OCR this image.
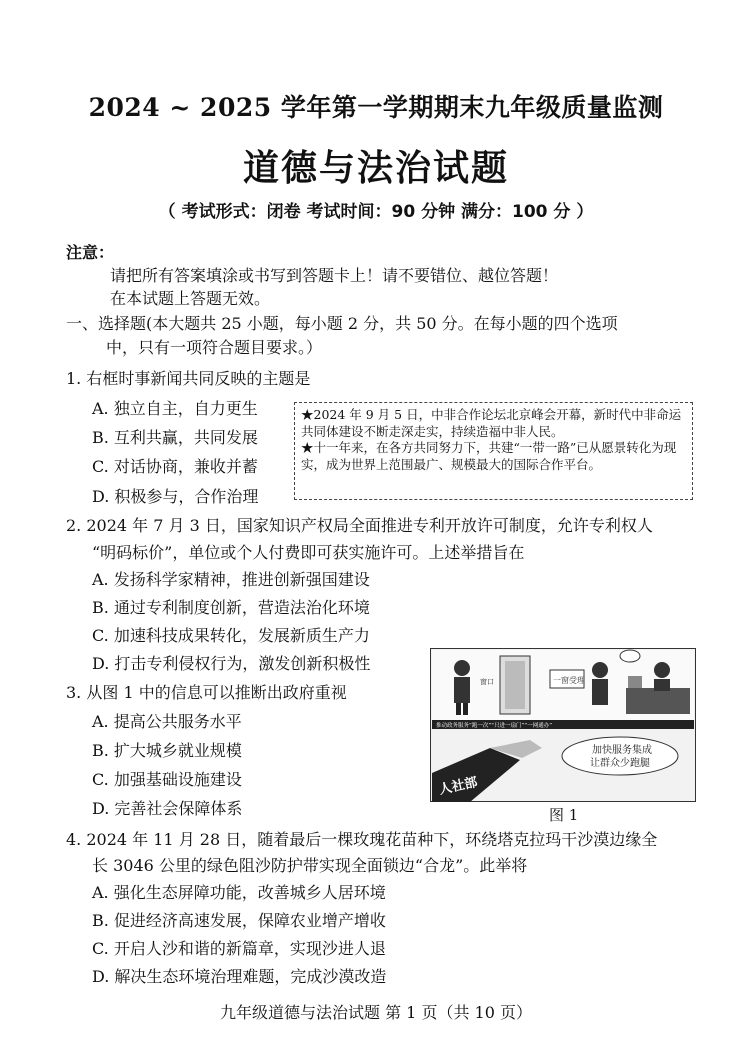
2024 ~ 2025 学年第一学期期末九年级质量监测
道德与法治试题
（ 考试形式：闭卷 考试时间：90 分钟 满分：100 分 ）
注意：
请把所有答案填涂或书写到答题卡上！请不要错位、越位答题！
在本试题上答题无效。
一、选择题(本大题共 25 小题，每小题 2 分，共 50 分。在每小题的四个选项
中，只有一项符合题目要求。）
1. 右框时事新闻共同反映的主题是
A. 独立自主，自力更生
B. 互利共赢，共同发展
C. 对话协商，兼收并蓄
D. 积极参与，合作治理
★2024 年 9 月 5 日，中非合作论坛北京峰会开幕，新时代中非命运共同体建设不断走深走实，持续造福中非人民。
★十一年来，在各方共同努力下，共建“一带一路”已从愿景转化为现实，成为世界上范围最广、规模最大的国际合作平台。
2. 2024 年 7 月 3 日，国家知识产权局全面推进专利开放许可制度，允许专利权人
“明码标价”，单位或个人付费即可获实施许可。上述举措旨在
A. 发扬科学家精神，推进创新强国建设
B. 通过专利制度创新，营造法治化环境
C. 加速科技成果转化，发展新质生产力
D. 打击专利侵权行为，激发创新积极性
3. 从图 1 中的信息可以推断出政府重视
A. 提高公共服务水平
B. 扩大城乡就业规模
C. 加强基础设施建设
D. 完善社会保障体系
窗口	一窗受理
推动政务服务“跑一次”“只进一扇门”“一网通办”
人社部
加快服务集成
让群众少跑腿
图 1
4. 2024 年 11 月 28 日，随着最后一棵玫瑰花苗种下，环绕塔克拉玛干沙漠边缘全
长 3046 公里的绿色阻沙防护带实现全面锁边“合龙”。此举将
A. 强化生态屏障功能，改善城乡人居环境
B. 促进经济高速发展，保障农业增产增收
C. 开启人沙和谐的新篇章，实现沙进人退
D. 解决生态环境治理难题，完成沙漠改造
九年级道德与法治试题 第 1 页（共 10 页）
